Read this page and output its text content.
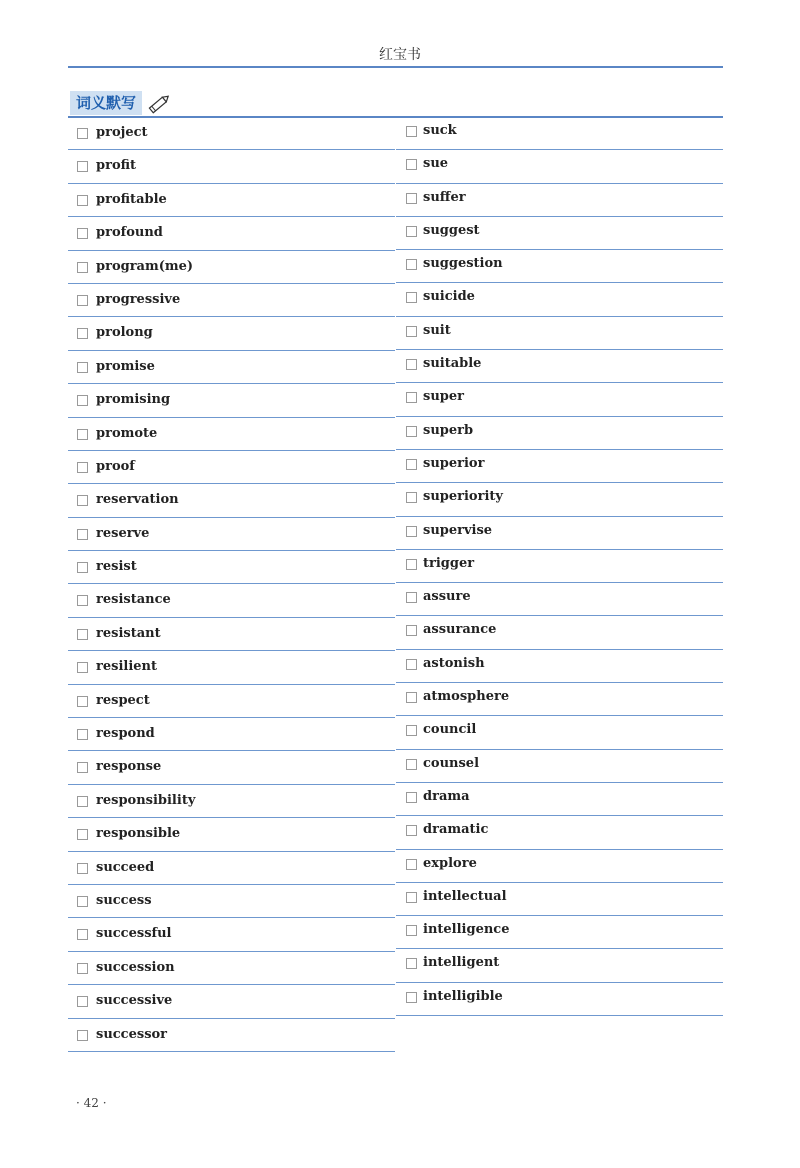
红宝书
词义默写
project
profit
profitable
profound
program(me)
progressive
prolong
promise
promising
promote
proof
reservation
reserve
resist
resistance
resistant
resilient
respect
respond
response
responsibility
responsible
succeed
success
successful
succession
successive
successor
suck
sue
suffer
suggest
suggestion
suicide
suit
suitable
super
superb
superior
superiority
supervise
trigger
assure
assurance
astonish
atmosphere
council
counsel
drama
dramatic
explore
intellectual
intelligence
intelligent
intelligible
· 42 ·
